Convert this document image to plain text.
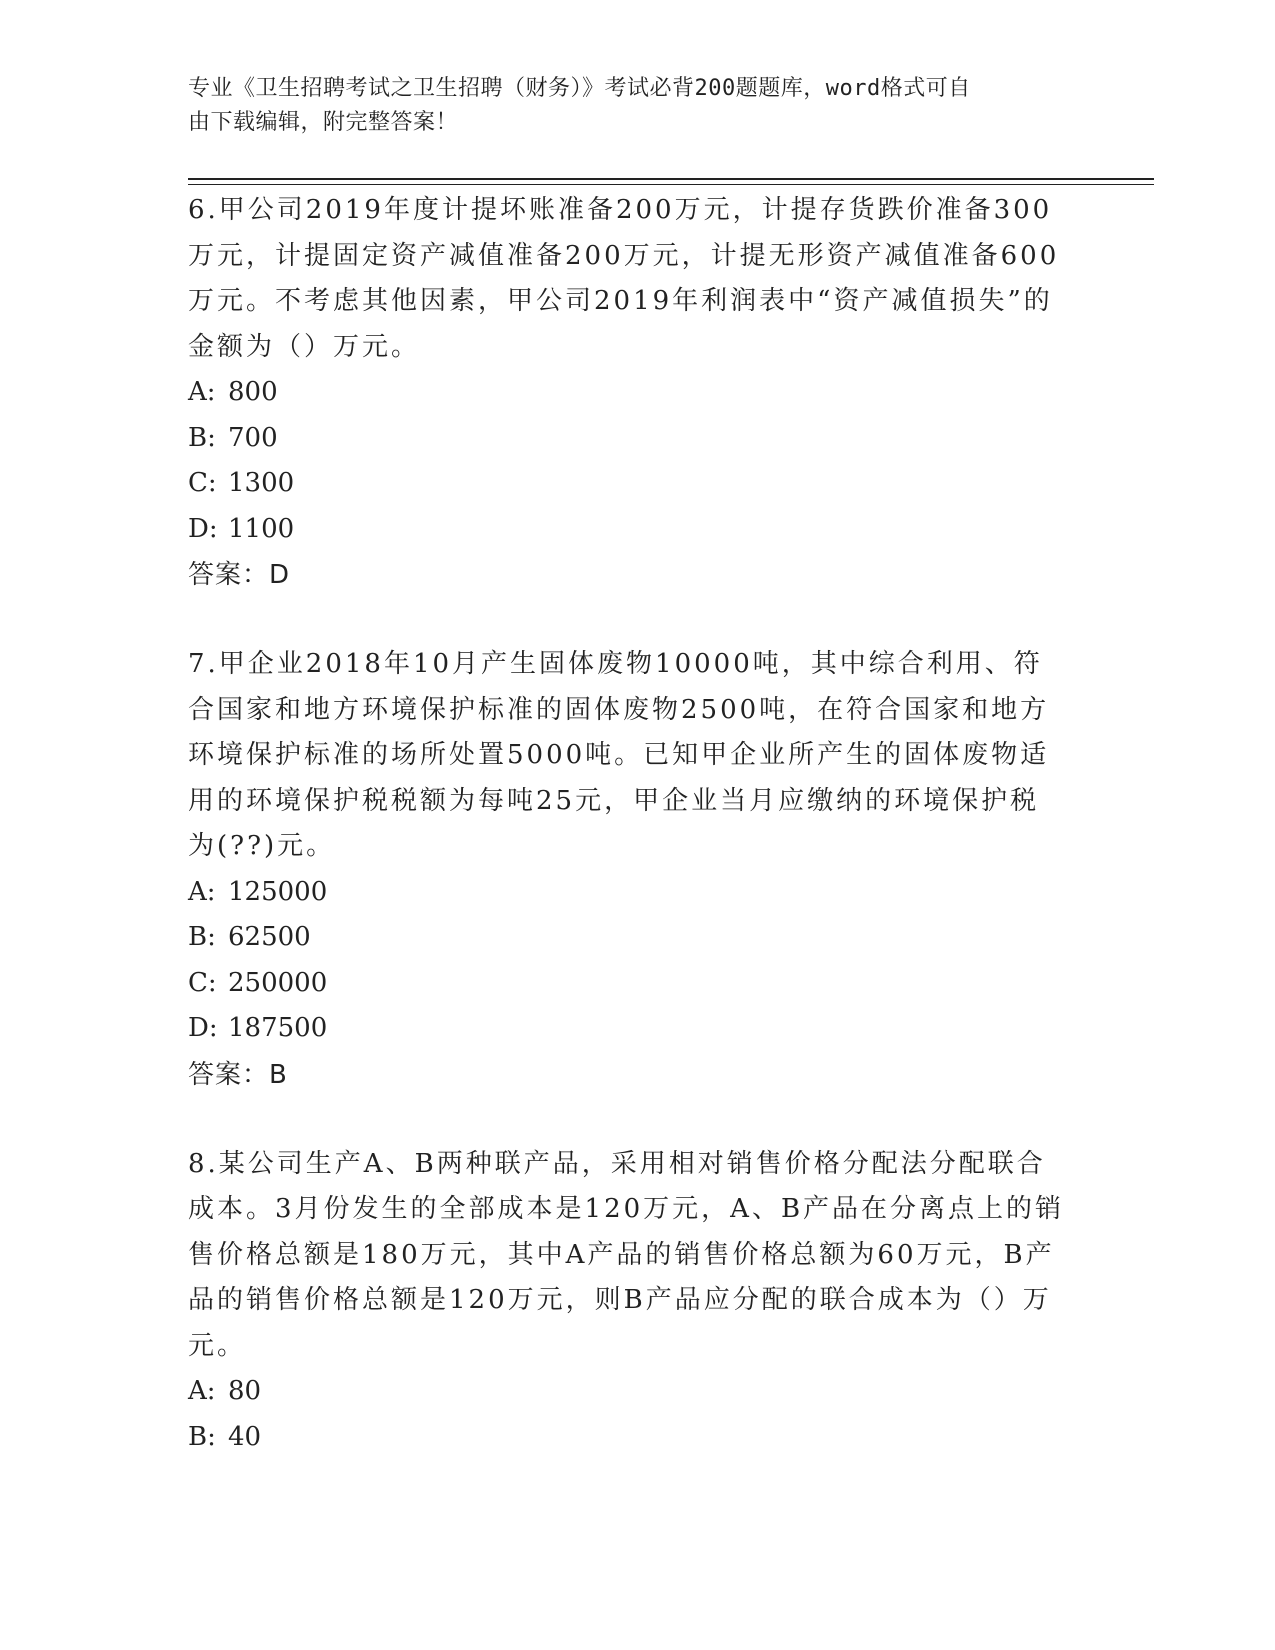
专业《卫生招聘考试之卫生招聘（财务）》考试必背200题题库，word格式可自
由下载编辑，附完整答案！
6.甲公司2019年度计提坏账准备200万元，计提存货跌价准备300万元，计提固定资产减值准备200万元，计提无形资产减值准备600万元。不考虑其他因素，甲公司2019年利润表中“资产减值损失”的金额为（）万元。
A: 800
B: 700
C: 1300
D: 1100
答案：D
7.甲企业2018年10月产生固体废物10000吨，其中综合利用、符合国家和地方环境保护标准的固体废物2500吨，在符合国家和地方环境保护标准的场所处置5000吨。已知甲企业所产生的固体废物适用的环境保护税税额为每吨25元，甲企业当月应缴纳的环境保护税为(??)元。
A: 125000
B: 62500
C: 250000
D: 187500
答案：B
8.某公司生产A、B两种联产品，采用相对销售价格分配法分配联合成本。3月份发生的全部成本是120万元，A、B产品在分离点上的销售价格总额是180万元，其中A产品的销售价格总额为60万元，B产品的销售价格总额是120万元，则B产品应分配的联合成本为（）万元。
A: 80
B: 40
